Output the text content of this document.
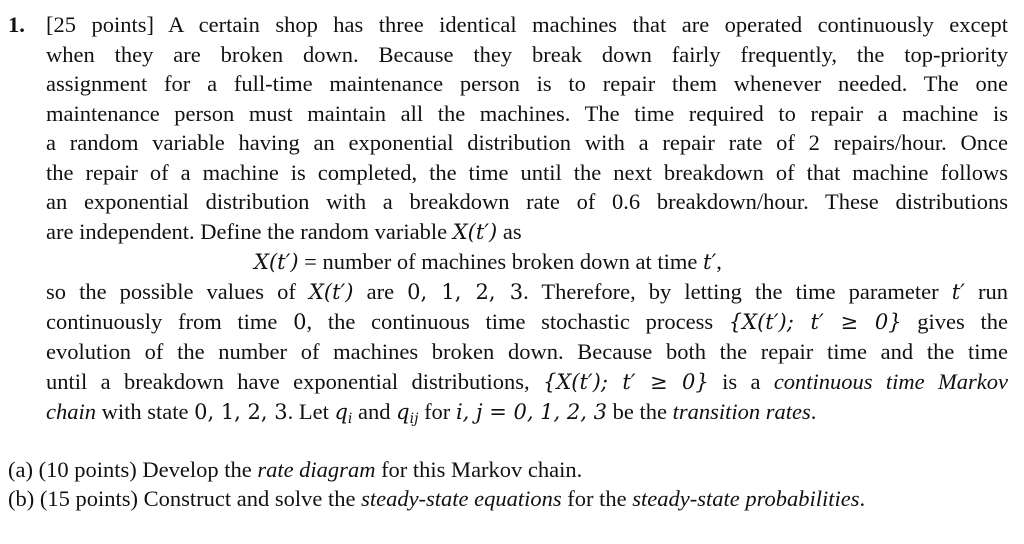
1. [25 points] A certain shop has three identical machines that are operated continuously except
when they are broken down. Because they break down fairly frequently, the top-priority
assignment for a full-time maintenance person is to repair them whenever needed. The one
maintenance person must maintain all the machines. The time required to repair a machine is
a random variable having an exponential distribution with a repair rate of 2 repairs/hour. Once
the repair of a machine is completed, the time until the next breakdown of that machine follows
an exponential distribution with a breakdown rate of 0.6 breakdown/hour. These distributions
are independent. Define the random variable X(t′) as
X(t′) = number of machines broken down at time t′,
so the possible values of X(t′) are 0, 1, 2, 3. Therefore, by letting the time parameter t′ run
continuously from time 0, the continuous time stochastic process {X(t′); t′ ≥ 0} gives the
evolution of the number of machines broken down. Because both the repair time and the time
until a breakdown have exponential distributions, {X(t′); t′ ≥ 0} is a continuous time Markov
chain with state 0, 1, 2, 3. Let $q_i$ and $q_{ij}$ for i, j = 0, 1, 2, 3 be the transition rates.
(a) (10 points) Develop the rate diagram for this Markov chain.
(b) (15 points) Construct and solve the steady-state equations for the steady-state probabilities.
